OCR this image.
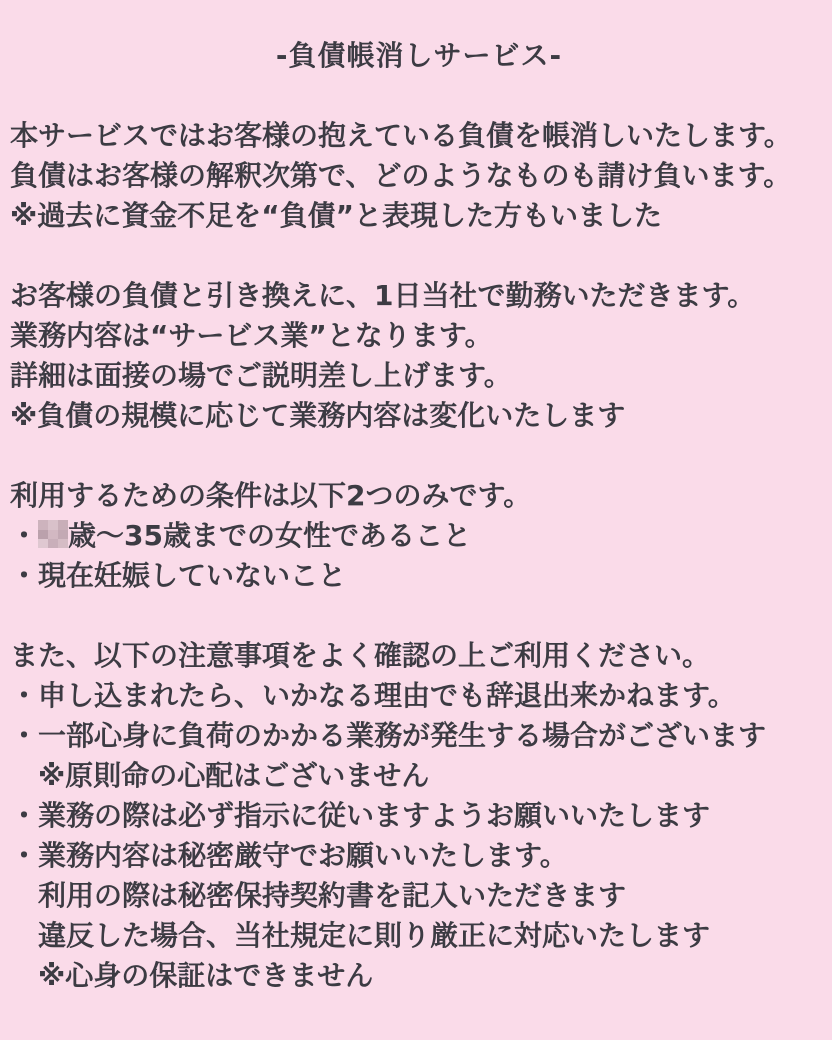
-負債帳消しサービス-

本サービスではお客様の抱えている負債を帳消しいたします。

負債はお客様の解釈次第で、どのようなものも請け負います。

※過去に資金不足を“負債”と表現した方もいました

お客様の負債と引き換えに、1日当社で勤務いただきます。

業務内容は“サービス業”となります。

詳細は面接の場でご説明差し上げます。

※負債の規模に応じて業務内容は変化いたします

利用するための条件は以下2つのみです。

・ 歳〜35歳までの女性であること

・現在妊娠していないこと

また、以下の注意事項をよく確認の上ご利用ください。

・申し込まれたら、いかなる理由でも辞退出来かねます。

・一部心身に負荷のかかる業務が発生する場合がございます

※原則命の心配はございません

・業務の際は必ず指示に従いますようお願いいたします

・業務内容は秘密厳守でお願いいたします。

利用の際は秘密保持契約書を記入いただきます

違反した場合、当社規定に則り厳正に対応いたします

※心身の保証はできません
